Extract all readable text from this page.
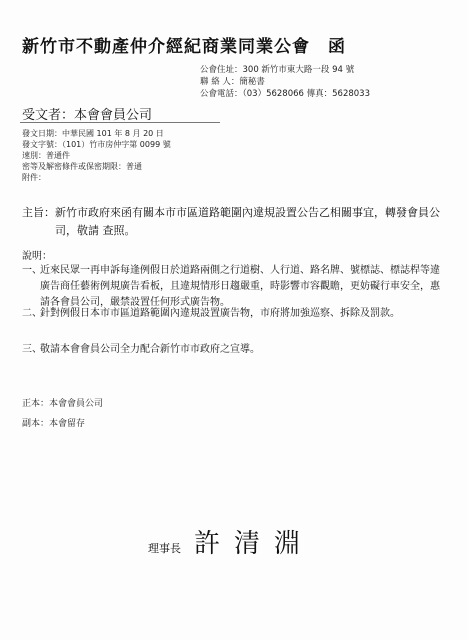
新竹市不動產仲介經紀商業同業公會 函
公會住址：300 新竹市東大路一段 94 號
聯 絡 人：簡秘書
公會電話：（03）5628066 傳真：5628033
受文者：本會會員公司
發文日期：中華民國 101 年 8 月 20 日
發文字號：（101）竹市房仲字第 0099 號
速別：普通件
密等及解密條件或保密期限：普通
附件：
主旨： 新竹市政府來函有關本市市區道路範圍內違規設置公告乙相關事宜，轉發會員公司，敬請 查照。
說明：
一、
近來民眾一再申訴每逢例假日於道路兩側之行道樹、人行道、路名牌、號標誌、標誌桿等違廣告商任藝術例規廣告看板，且違規情形日趨嚴重，時影響市容觀瞻，更妨礙行車安全，惠請各會員公司，嚴禁設置任何形式廣告物。
二、
針對例假日本市市區道路範圍內違規設置廣告物，市府將加強巡察、拆除及罰款。
三、
敬請本會會員公司全力配合新竹市市政府之宣導。
正本：本會會員公司
副本：本會留存
理事長 許清淵
